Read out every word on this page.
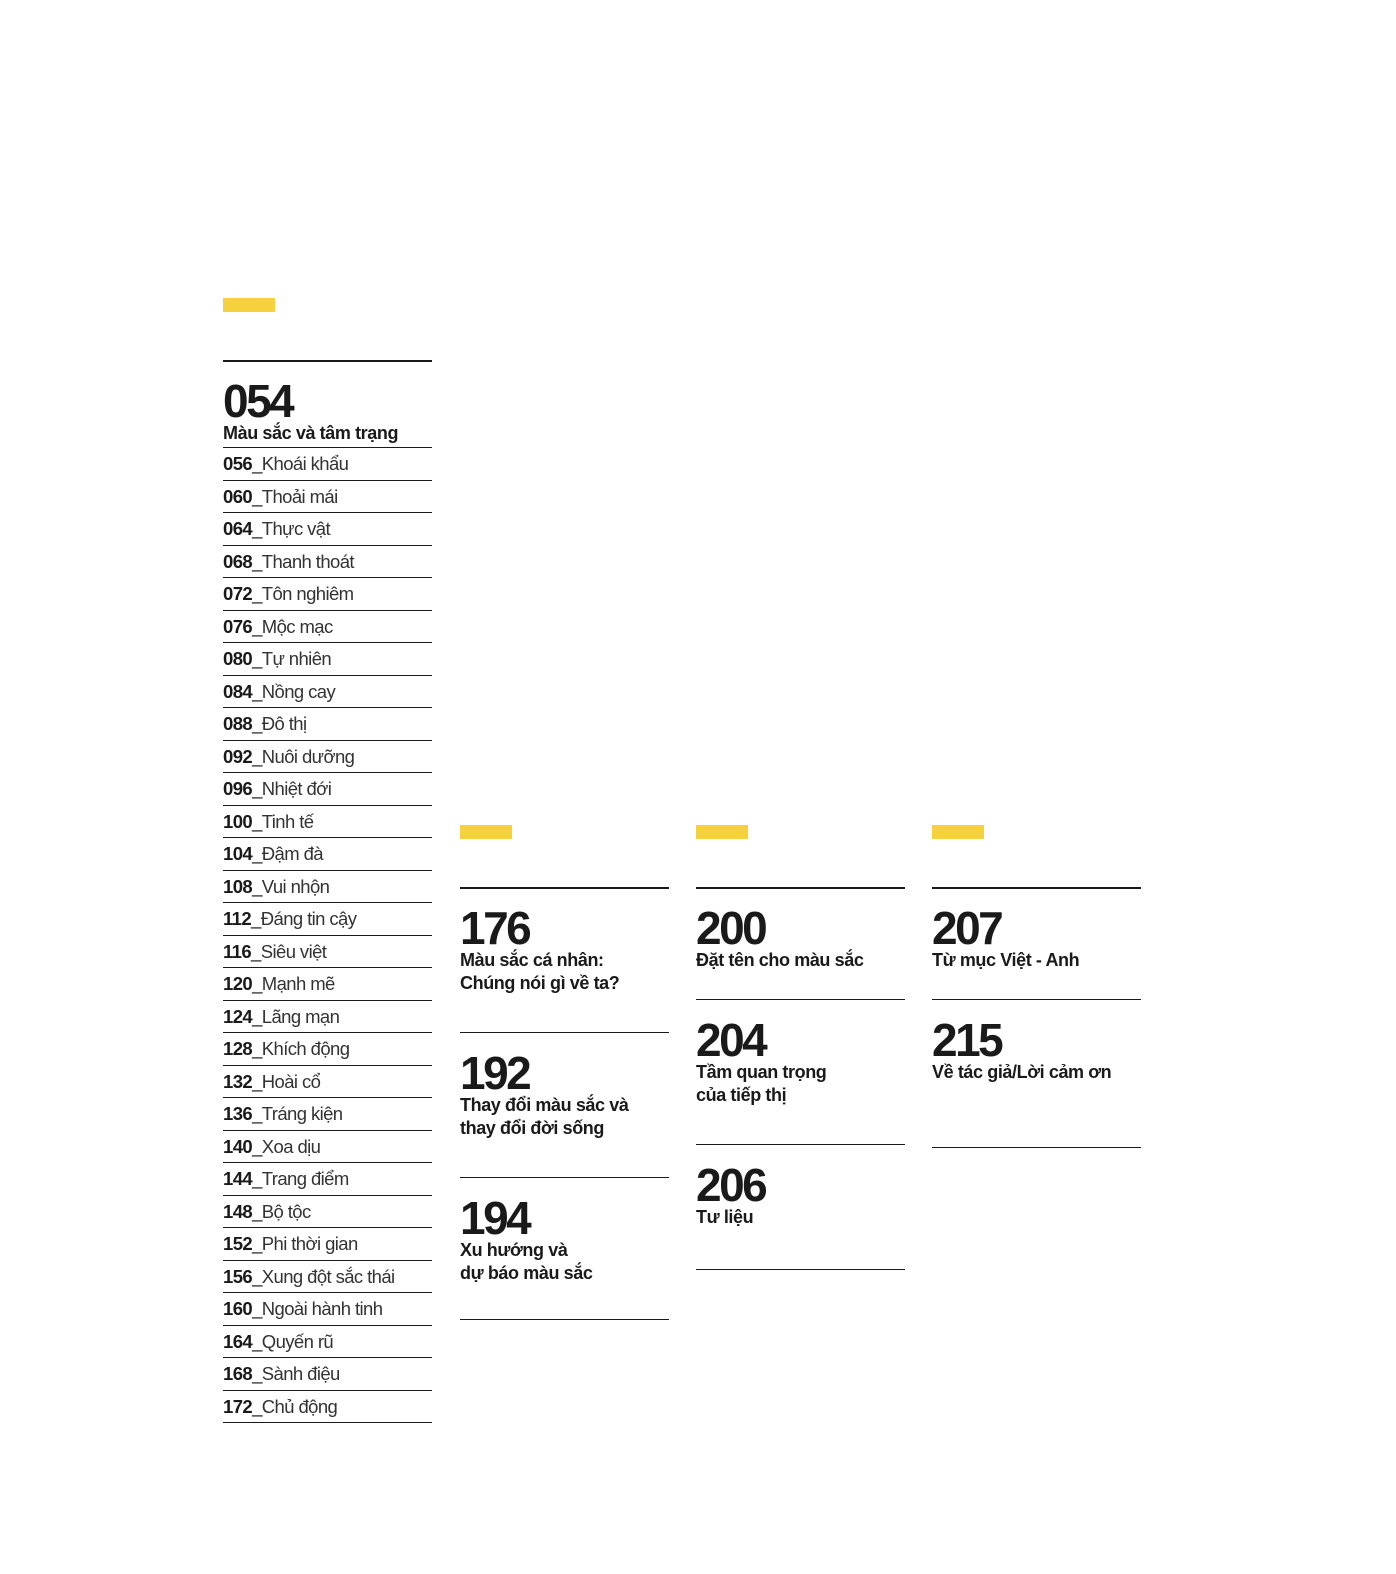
054
Màu sắc và tâm trạng
056_Khoái khẩu
060_Thoải mái
064_Thực vật
068_Thanh thoát
072_Tôn nghiêm
076_Mộc mạc
080_Tự nhiên
084_Nồng cay
088_Đô thị
092_Nuôi dưỡng
096_Nhiệt đới
100_Tinh tế
104_Đậm đà
108_Vui nhộn
112_Đáng tin cậy
116_Siêu việt
120_Mạnh mẽ
124_Lãng mạn
128_Khích động
132_Hoài cổ
136_Tráng kiện
140_Xoa dịu
144_Trang điểm
148_Bộ tộc
152_Phi thời gian
156_Xung đột sắc thái
160_Ngoài hành tinh
164_Quyến rũ
168_Sành điệu
172_Chủ động
176
Màu sắc cá nhân:
Chúng nói gì về ta?
192
Thay đổi màu sắc và
thay đổi đời sống
194
Xu hướng và
dự báo màu sắc
200
Đặt tên cho màu sắc
204
Tầm quan trọng
của tiếp thị
206
Tư liệu
207
Từ mục Việt - Anh
215
Về tác giả/Lời cảm ơn
